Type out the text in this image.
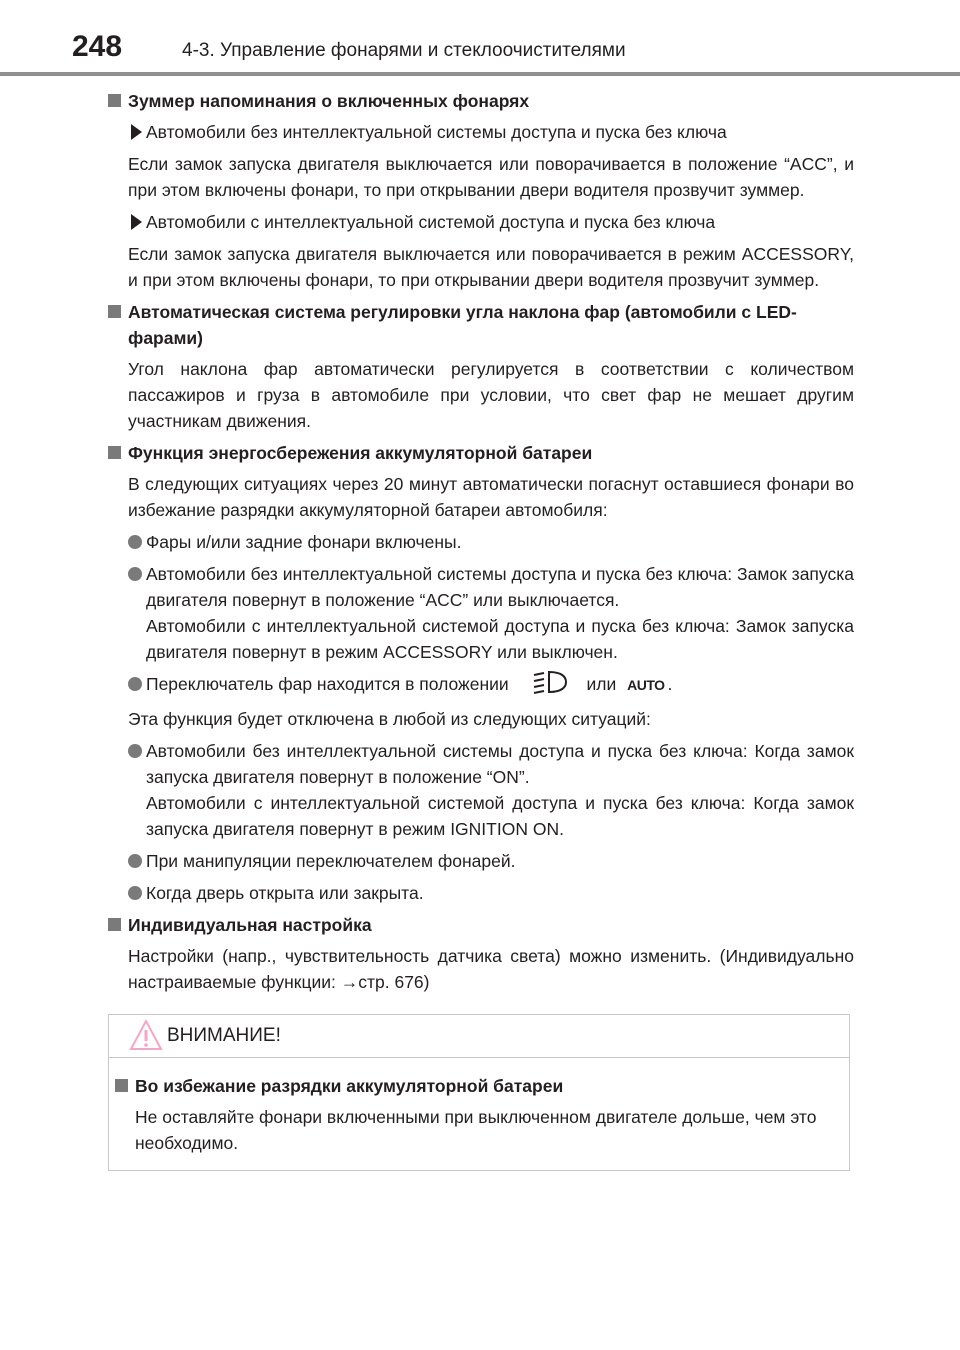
248	4-3. Управление фонарями и стеклоочистителями
Зуммер напоминания о включенных фонарях
Автомобили без интеллектуальной системы доступа и пуска без ключа
Если замок запуска двигателя выключается или поворачивается в положение “ACC”, и при этом включены фонари, то при открывании двери водителя прозвучит зуммер.
Автомобили с интеллектуальной системой доступа и пуска без ключа
Если замок запуска двигателя выключается или поворачивается в режим ACCESSORY, и при этом включены фонари, то при открывании двери водителя прозвучит зуммер.
Автоматическая система регулировки угла наклона фар (автомобили с LED-фарами)
Угол наклона фар автоматически регулируется в соответствии с количеством пассажиров и груза в автомобиле при условии, что свет фар не мешает другим участникам движения.
Функция энергосбережения аккумуляторной батареи
В следующих ситуациях через 20 минут автоматически погаснут оставшиеся фонари во избежание разрядки аккумуляторной батареи автомобиля:
Фары и/или задние фонари включены.
Автомобили без интеллектуальной системы доступа и пуска без ключа: Замок запуска двигателя повернут в положение “ACC” или выключается.
Автомобили с интеллектуальной системой доступа и пуска без ключа: Замок запуска двигателя повернут в режим ACCESSORY или выключен.
Переключатель фар находится в положении	или AUTO .
Эта функция будет отключена в любой из следующих ситуаций:
Автомобили без интеллектуальной системы доступа и пуска без ключа: Когда замок запуска двигателя повернут в положение “ON”.
Автомобили с интеллектуальной системой доступа и пуска без ключа: Когда замок запуска двигателя повернут в режим IGNITION ON.
При манипуляции переключателем фонарей.
Когда дверь открыта или закрыта.
Индивидуальная настройка
Настройки (напр., чувствительность датчика света) можно изменить. (Индивидуально настраиваемые функции: →стр. 676)
ВНИМАНИЕ!
Во избежание разрядки аккумуляторной батареи
Не оставляйте фонари включенными при выключенном двигателе дольше, чем это необходимо.
